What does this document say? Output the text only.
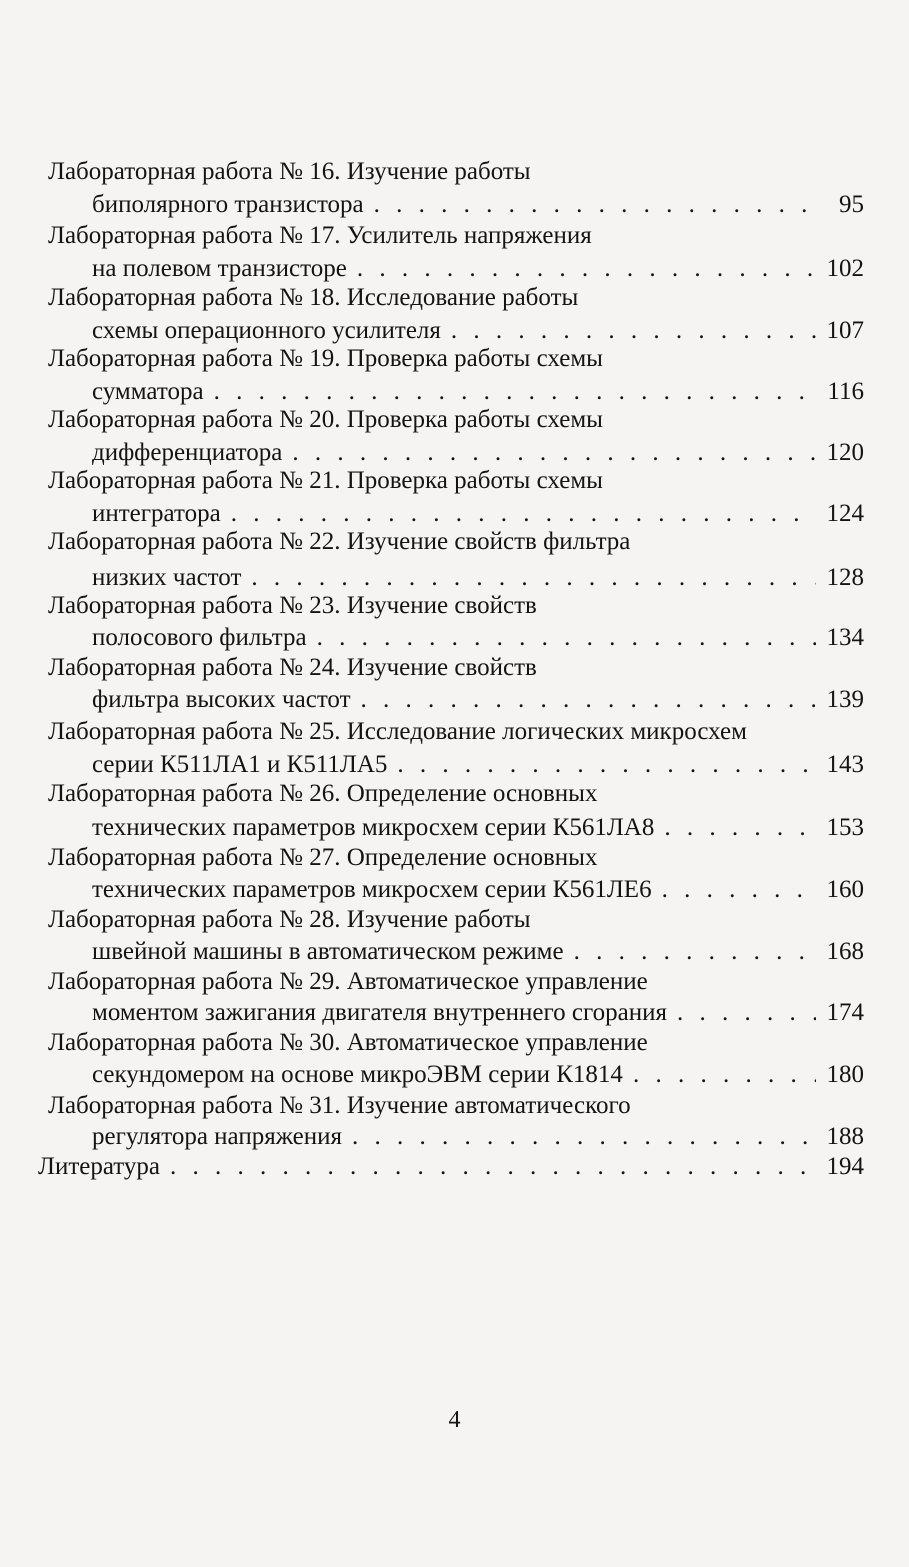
Лабораторная работа № 16. Изучение работы
биполярного транзистора . . .	95
Лабораторная работа № 17. Усилитель напряжения
на полевом транзисторе . . .	102
Лабораторная работа № 18. Исследование работы
схемы операционного усилителя . . .	107
Лабораторная работа № 19. Проверка работы схемы
сумматора . . .	116
Лабораторная работа № 20. Проверка работы схемы
дифференциатора . . .	120
Лабораторная работа № 21. Проверка работы схемы
интегратора . . .	124
Лабораторная работа № 22. Изучение свойств фильтра
низких частот . . .	128
Лабораторная работа № 23. Изучение свойств
полосового фильтра . . .	134
Лабораторная работа № 24. Изучение свойств
фильтра высоких частот . . .	139
Лабораторная работа № 25. Исследование логических микросхем
серии К511ЛА1 и К511ЛА5 . . .	143
Лабораторная работа № 26. Определение основных
технических параметров микросхем серии К561ЛА8 . . .	153
Лабораторная работа № 27. Определение основных
технических параметров микросхем серии К561ЛЕ6 . . .	160
Лабораторная работа № 28. Изучение работы
швейной машины в автоматическом режиме . . .	168
Лабораторная работа № 29. Автоматическое управление
моментом зажигания двигателя внутреннего сгорания . . .	174
Лабораторная работа № 30. Автоматическое управление
секундомером на основе микроЭВМ серии К1814 . . .	180
Лабораторная работа № 31. Изучение автоматического
регулятора напряжения . . .	188
Литература . . .	194
4
